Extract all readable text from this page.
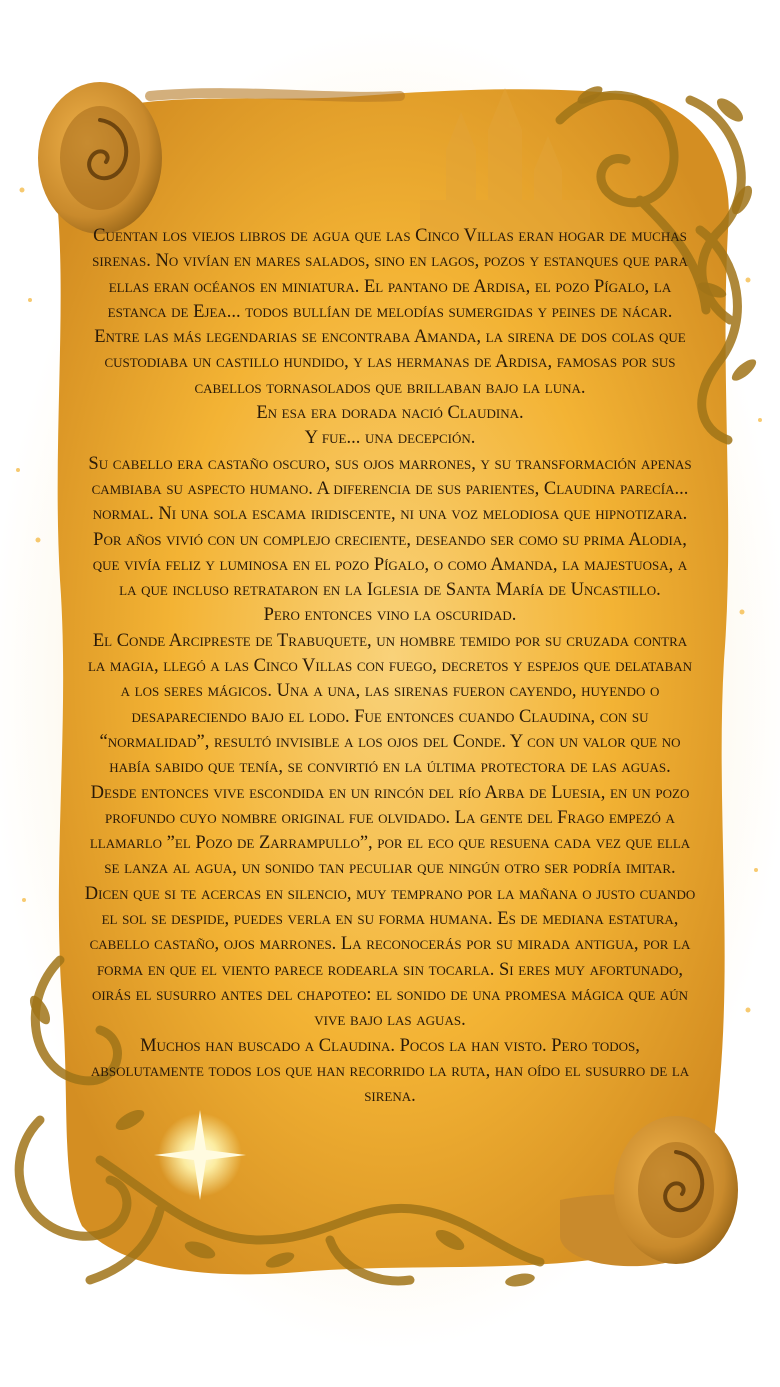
Cuentan los viejos libros de agua que las Cinco Villas eran hogar de muchas sirenas. No vivían en mares salados, sino en lagos, pozos y estanques que para ellas eran océanos en miniatura. El pantano de Ardisa, el pozo Pígalo, la estanca de Ejea... todos bullían de melodías sumergidas y peines de nácar.

Entre las más legendarias se encontraba Amanda, la sirena de dos colas que custodiaba un castillo hundido, y las hermanas de Ardisa, famosas por sus cabellos tornasolados que brillaban bajo la luna.

En esa era dorada nació Claudina.

Y fue... una decepción.

Su cabello era castaño oscuro, sus ojos marrones, y su transformación apenas cambiaba su aspecto humano. A diferencia de sus parientes, Claudina parecía... normal. Ni una sola escama iridiscente, ni una voz melodiosa que hipnotizara.

Por años vivió con un complejo creciente, deseando ser como su prima Alodia, que vivía feliz y luminosa en el pozo Pígalo, o como Amanda, la majestuosa, a la que incluso retrataron en la Iglesia de Santa María de Uncastillo.

Pero entonces vino la oscuridad.

El Conde Arcipreste de Trabuquete, un hombre temido por su cruzada contra la magia, llegó a las Cinco Villas con fuego, decretos y espejos que delataban a los seres mágicos. Una a una, las sirenas fueron cayendo, huyendo o desapareciendo bajo el lodo. Fue entonces cuando Claudina, con su “normalidad”, resultó invisible a los ojos del Conde. Y con un valor que no había sabido que tenía, se convirtió en la última protectora de las aguas.

Desde entonces vive escondida en un rincón del río Arba de Luesia, en un pozo profundo cuyo nombre original fue olvidado. La gente del Frago empezó a llamarlo ”el Pozo de Zarrampullo”, por el eco que resuena cada vez que ella se lanza al agua, un sonido tan peculiar que ningún otro ser podría imitar.

Dicen que si te acercas en silencio, muy temprano por la mañana o justo cuando el sol se despide, puedes verla en su forma humana. Es de mediana estatura, cabello castaño, ojos marrones. La reconocerás por su mirada antigua, por la forma en que el viento parece rodearla sin tocarla. Si eres muy afortunado, oirás el susurro antes del chapoteo: el sonido de una promesa mágica que aún vive bajo las aguas.

Muchos han buscado a Claudina. Pocos la han visto. Pero todos, absolutamente todos los que han recorrido la ruta, han oído el susurro de la sirena.
